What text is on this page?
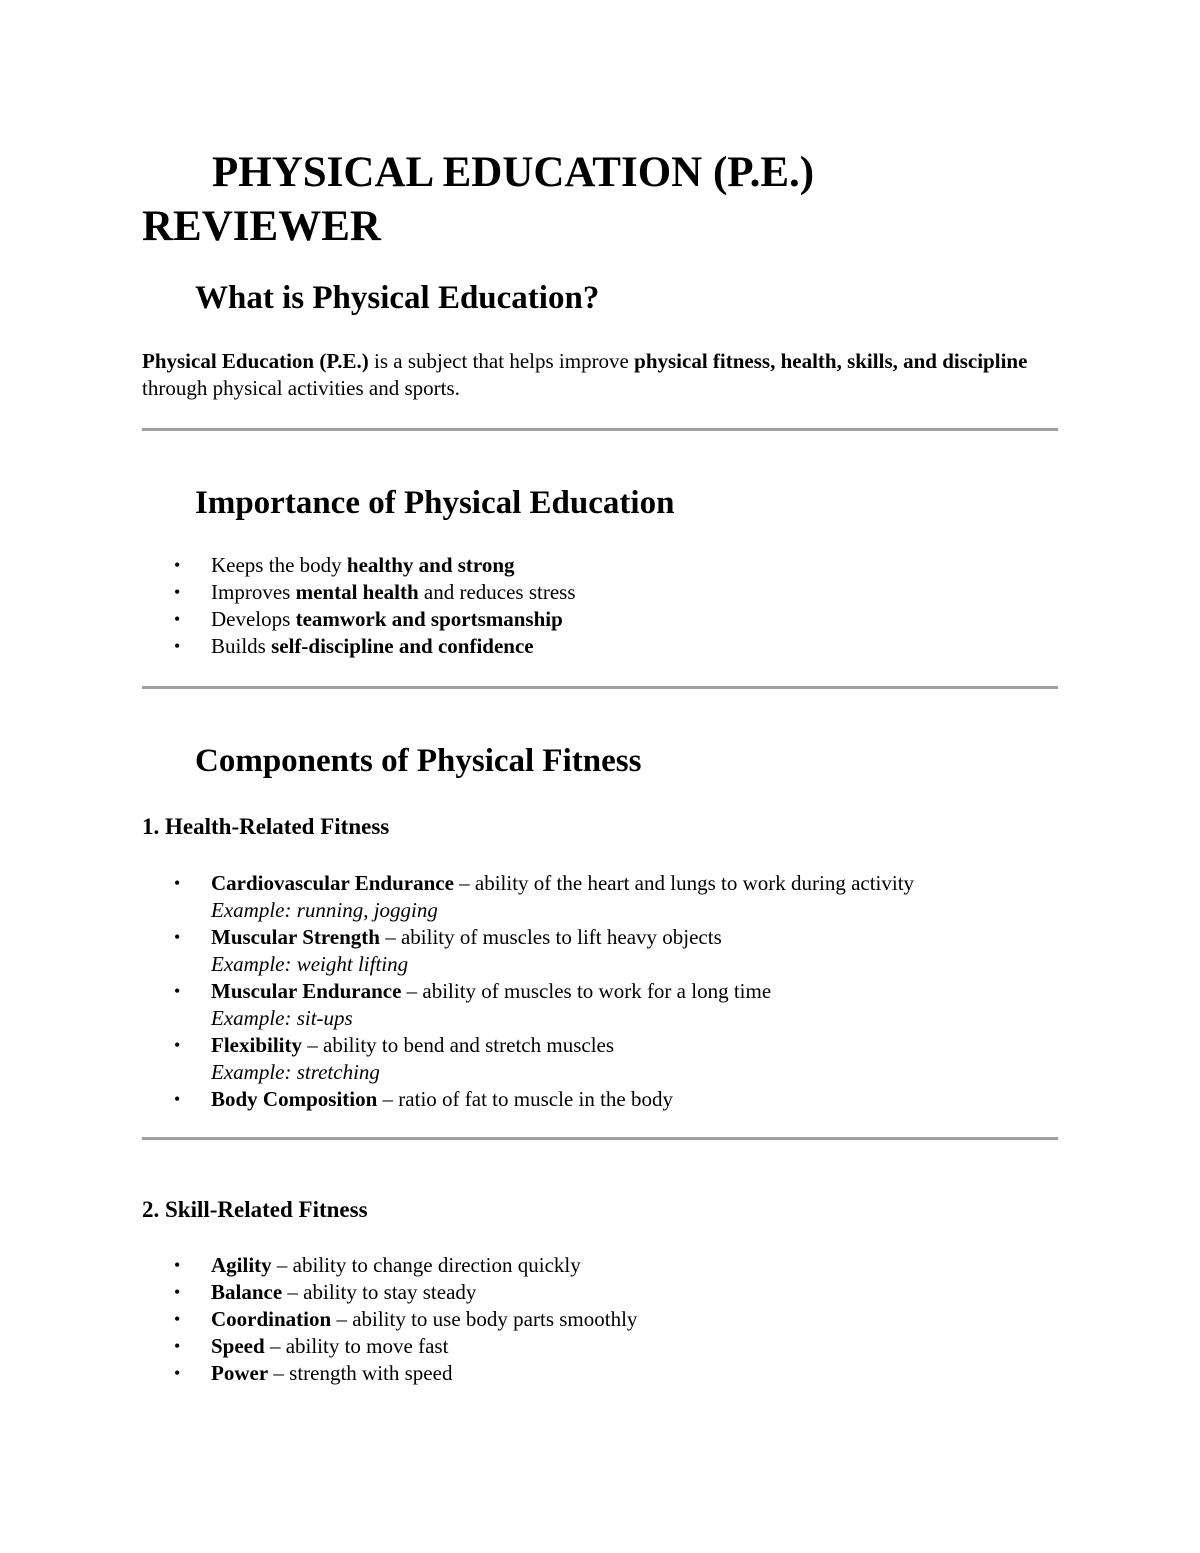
PHYSICAL EDUCATION (P.E.) REVIEWER
What is Physical Education?

Physical Education (P.E.) is a subject that helps improve physical fitness, health, skills, and discipline through physical activities and sports.

Importance of Physical Education
• Keeps the body healthy and strong
• Improves mental health and reduces stress
• Develops teamwork and sportsmanship
• Builds self-discipline and confidence
Components of Physical Fitness
1. Health-Related Fitness
• Cardiovascular Endurance – ability of the heart and lungs to work during activity
Example: running, jogging
• Muscular Strength – ability of muscles to lift heavy objects
Example: weight lifting
• Muscular Endurance – ability of muscles to work for a long time
Example: sit-ups
• Flexibility – ability to bend and stretch muscles
Example: stretching
• Body Composition – ratio of fat to muscle in the body
2. Skill-Related Fitness
• Agility – ability to change direction quickly
• Balance – ability to stay steady
• Coordination – ability to use body parts smoothly
• Speed – ability to move fast
• Power – strength with speed
